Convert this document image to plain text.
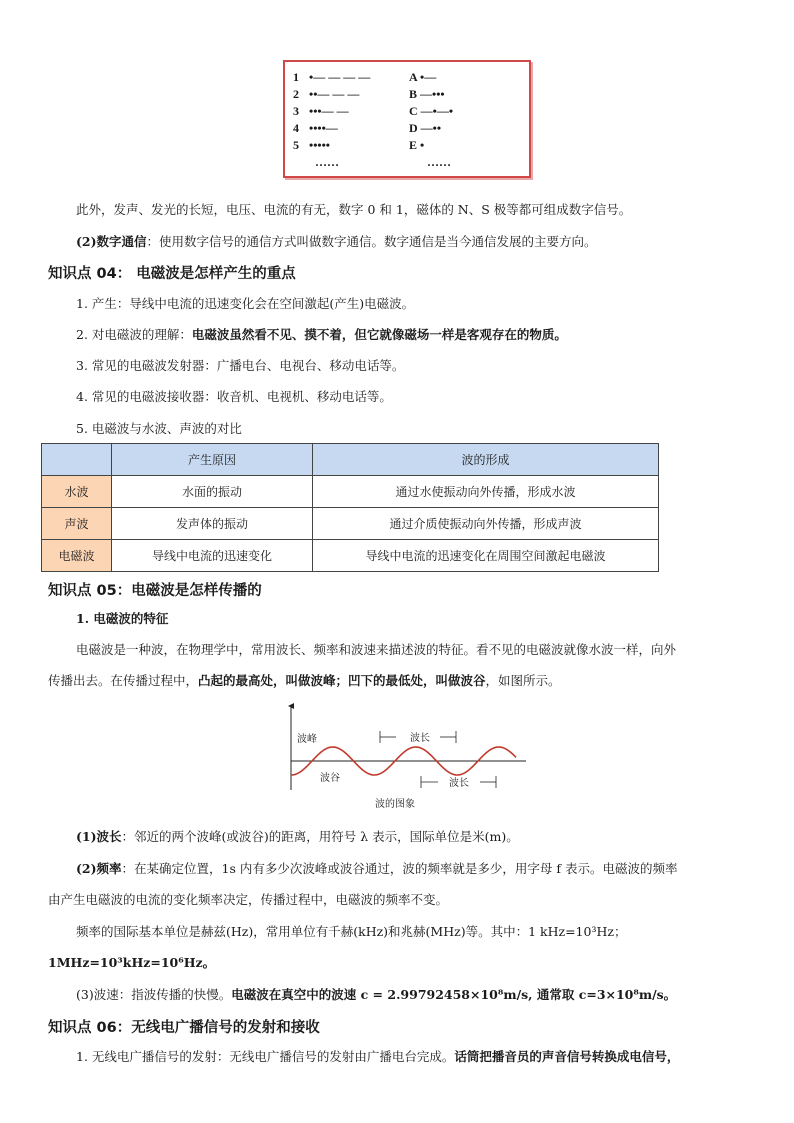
1 •— — — —	A •—
2 ••— — —	B —•••
3 •••— —	C —•—•
4 ••••—	D —••
5 •••••	E •
……	……
此外，发声、发光的长短，电压、电流的有无，数字 0 和 1，磁体的 N、S 极等都可组成数字信号。
(2)数字通信：使用数字信号的通信方式叫做数字通信。数字通信是当今通信发展的主要方向。
知识点 04： 电磁波是怎样产生的重点
1. 产生：导线中电流的迅速变化会在空间激起(产生)电磁波。
2. 对电磁波的理解：电磁波虽然看不见、摸不着，但它就像磁场一样是客观存在的物质。
3. 常见的电磁波发射器：广播电台、电视台、移动电话等。
4. 常见的电磁波接收器：收音机、电视机、移动电话等。
5. 电磁波与水波、声波的对比
	产生原因	波的形成
水波	水面的振动	通过水使振动向外传播，形成水波
声波	发声体的振动	通过介质使振动向外传播，形成声波
电磁波	导线中电流的迅速变化	导线中电流的迅速变化在周围空间激起电磁波
知识点 05：电磁波是怎样传播的
1. 电磁波的特征
电磁波是一种波，在物理学中，常用波长、频率和波速来描述波的特征。看不见的电磁波就像水波一样，向外
传播出去。在传播过程中，凸起的最高处，叫做波峰；凹下的最低处，叫做波谷，如图所示。
波长
波长
波峰
波谷
波的图象
(1)波长：邻近的两个波峰(或波谷)的距离，用符号 λ 表示，国际单位是米(m)。
(2)频率：在某确定位置，1s 内有多少次波峰或波谷通过，波的频率就是多少，用字母 f 表示。电磁波的频率
由产生电磁波的电流的变化频率决定，传播过程中，电磁波的频率不变。
频率的国际基本单位是赫兹(Hz)，常用单位有千赫(kHz)和兆赫(MHz)等。其中：1 kHz=10³Hz；
1MHz=10³kHz=10⁶Hz。
(3)波速：指波传播的快慢。电磁波在真空中的波速 c = 2.99792458×10⁸m/s, 通常取 c=3×10⁸m/s。
知识点 06：无线电广播信号的发射和接收
1. 无线电广播信号的发射：无线电广播信号的发射由广播电台完成。话筒把播音员的声音信号转换成电信号，
